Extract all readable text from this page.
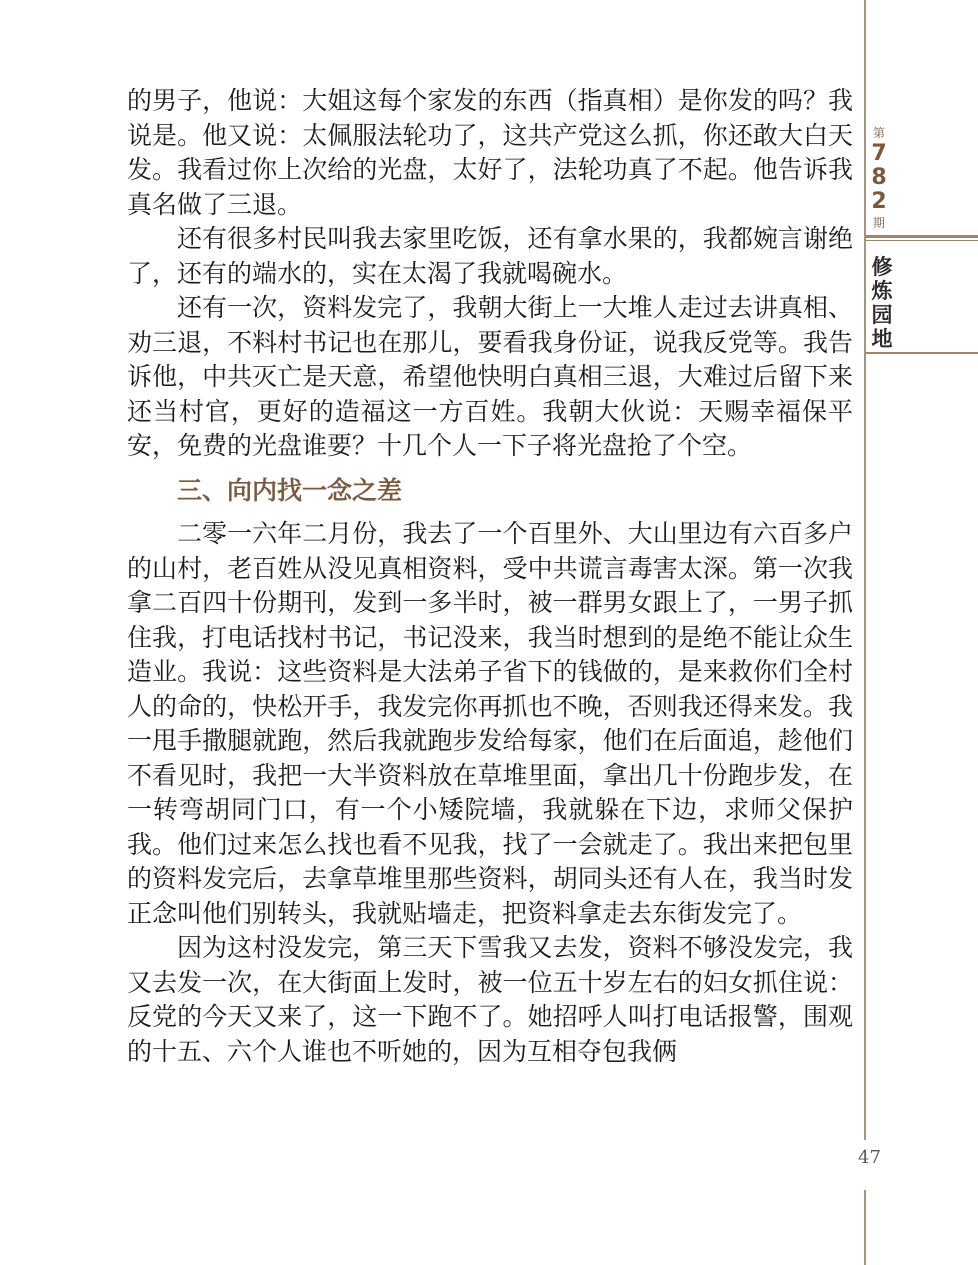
的男子，他说：大姐这每个家发的东西（指真相）是你发的吗？我说是。他又说：太佩服法轮功了，这共产党这么抓，你还敢大白天发。我看过你上次给的光盘，太好了，法轮功真了不起。他告诉我真名做了三退。

还有很多村民叫我去家里吃饭，还有拿水果的，我都婉言谢绝了，还有的端水的，实在太渴了我就喝碗水。

还有一次，资料发完了，我朝大街上一大堆人走过去讲真相、劝三退，不料村书记也在那儿，要看我身份证，说我反党等。我告诉他，中共灭亡是天意，希望他快明白真相三退，大难过后留下来还当村官，更好的造福这一方百姓。我朝大伙说：天赐幸福保平安，免费的光盘谁要？十几个人一下子将光盘抢了个空。

三、向内找一念之差

二零一六年二月份，我去了一个百里外、大山里边有六百多户的山村，老百姓从没见真相资料，受中共谎言毒害太深。第一次我拿二百四十份期刊，发到一多半时，被一群男女跟上了，一男子抓住我，打电话找村书记，书记没来，我当时想到的是绝不能让众生造业。我说：这些资料是大法弟子省下的钱做的，是来救你们全村人的命的，快松开手，我发完你再抓也不晚，否则我还得来发。我一甩手撒腿就跑，然后我就跑步发给每家，他们在后面追，趁他们不看见时，我把一大半资料放在草堆里面，拿出几十份跑步发，在一转弯胡同门口，有一个小矮院墙，我就躲在下边，求师父保护我。他们过来怎么找也看不见我，找了一会就走了。我出来把包里的资料发完后，去拿草堆里那些资料，胡同头还有人在，我当时发正念叫他们别转头，我就贴墙走，把资料拿走去东街发完了。

因为这村没发完，第三天下雪我又去发，资料不够没发完，我又去发一次，在大街面上发时，被一位五十岁左右的妇女抓住说：反党的今天又来了，这一下跑不了。她招呼人叫打电话报警，围观的十五、六个人谁也不听她的，因为互相夺包我俩

第
7
8
2
期
修
炼
园
地
47
